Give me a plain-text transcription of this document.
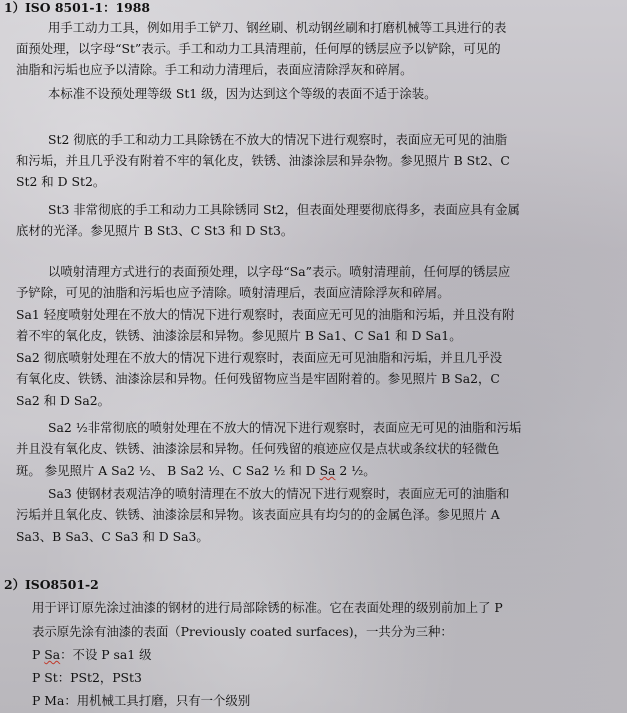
1）ISO 8501-1：1988
用手工动力工具，例如用手工铲刀、钢丝刷、机动钢丝刷和打磨机械等工具进行的表
面预处理，以字母“St”表示。手工和动力工具清理前，任何厚的锈层应予以铲除，可见的
油脂和污垢也应予以清除。手工和动力清理后，表面应清除浮灰和碎屑。
本标准不设预处理等级 St1 级，因为达到这个等级的表面不适于涂装。
St2 彻底的手工和动力工具除锈在不放大的情况下进行观察时，表面应无可见的油脂
和污垢，并且几乎没有附着不牢的氧化皮，铁锈、油漆涂层和异杂物。参见照片 B St2、C
St2 和 D St2。
St3 非常彻底的手工和动力工具除锈同 St2，但表面处理要彻底得多，表面应具有金属
底材的光泽。参见照片 B St3、C St3 和 D St3。
以喷射清理方式进行的表面预处理，以字母“Sa”表示。喷射清理前，任何厚的锈层应
予铲除，可见的油脂和污垢也应予清除。喷射清理后，表面应清除浮灰和碎屑。
Sa1 轻度喷射处理在不放大的情况下进行观察时，表面应无可见的油脂和污垢，并且没有附
着不牢的氧化皮，铁锈、油漆涂层和异物。参见照片 B Sa1、C Sa1 和 D Sa1。
Sa2 彻底喷射处理在不放大的情况下进行观察时，表面应无可见油脂和污垢，并且几乎没
有氧化皮、铁锈、油漆涂层和异物。任何残留物应当是牢固附着的。参见照片 B Sa2，C
Sa2 和 D Sa2。
Sa2 ½非常彻底的喷射处理在不放大的情况下进行观察时，表面应无可见的油脂和污垢
并且没有氧化皮、铁锈、油漆涂层和异物。任何残留的痕迹应仅是点状或条纹状的轻微色
斑。 参见照片 A Sa2 ½、 B Sa2 ½、C Sa2 ½ 和 D Sa 2 ½。
Sa3 使钢材表观洁净的喷射清理在不放大的情况下进行观察时，表面应无可的油脂和
污垢并且氧化皮、铁锈、油漆涂层和异物。该表面应具有均匀的的金属色泽。参见照片 A
Sa3、B Sa3、C Sa3 和 D Sa3。
2）ISO8501-2
用于评订原先涂过油漆的钢材的进行局部除锈的标准。它在表面处理的级别前加上了 P
表示原先涂有油漆的表面（Previously coated surfaces)，一共分为三种：
P Sa：不设 P sa1 级
P St：PSt2，PSt3
P Ma：用机械工具打磨，只有一个级别
